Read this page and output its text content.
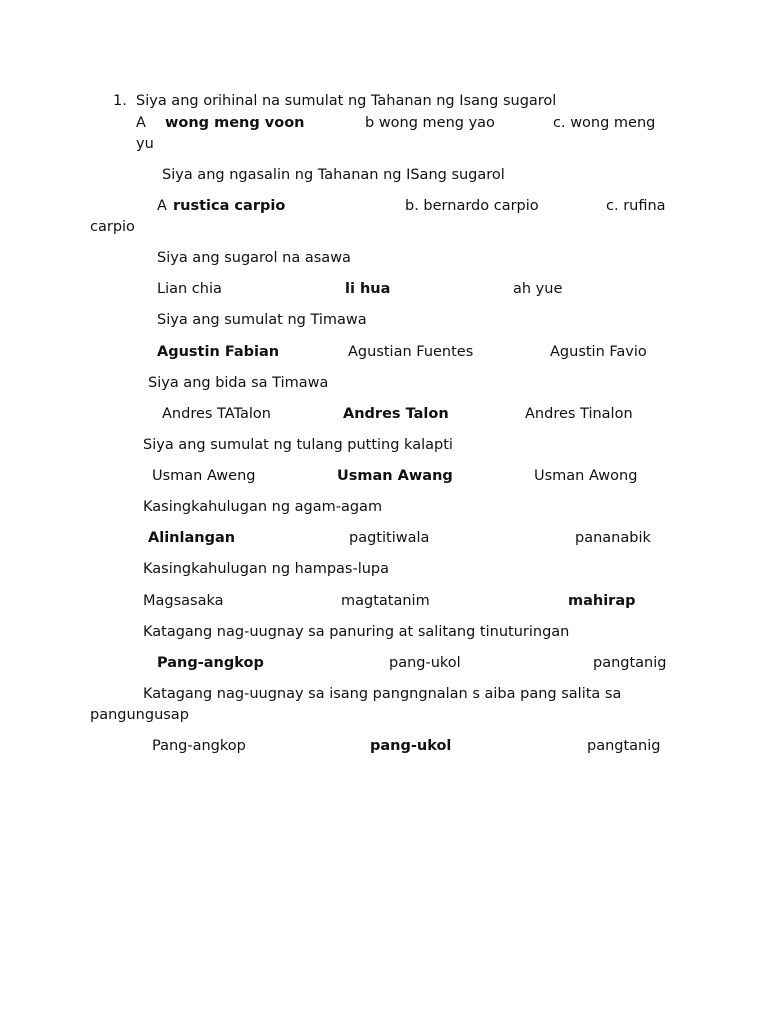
1. Siya ang orihinal na sumulat ng Tahanan ng Isang sugarol
A wong meng voon	b wong meng yao	c. wong meng
yu
Siya ang ngasalin ng Tahanan ng ISang sugarol
A rustica carpio	b. bernardo carpio	c. rufina
carpio
Siya ang sugarol na asawa
Lian chia	li hua	ah yue
Siya ang sumulat ng Timawa
Agustin Fabian	Agustian Fuentes	Agustin Favio
Siya ang bida sa Timawa
Andres TATalon	Andres Talon	Andres Tinalon
Siya ang sumulat ng tulang putting kalapti
Usman Aweng	Usman Awang	Usman Awong
Kasingkahulugan ng agam-agam
Alinlangan	pagtitiwala	pananabik
Kasingkahulugan ng hampas-lupa
Magsasaka	magtatanim	mahirap
Katagang nag-uugnay sa panuring at salitang tinuturingan
Pang-angkop	pang-ukol	pangtanig
Katagang nag-uugnay sa isang pangngnalan s aiba pang salita sa
pangungusap
Pang-angkop	pang-ukol	pangtanig
